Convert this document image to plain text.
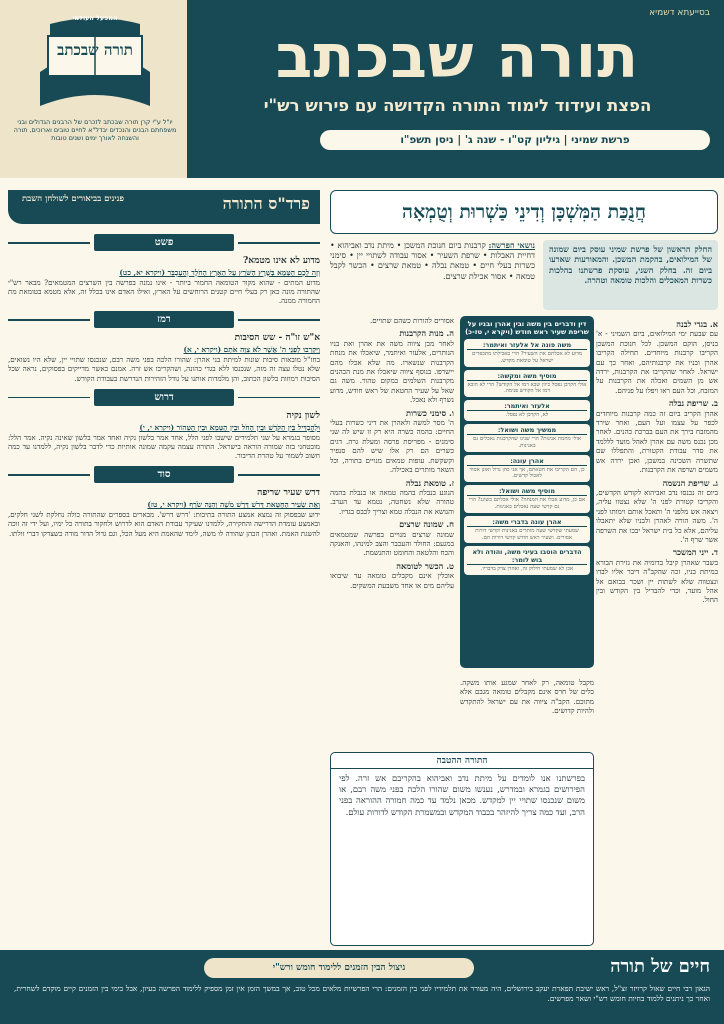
המפעל העולמי
תורה שבכתב
יו"ל ע"י קרן תורה שבכתב לזכרם של הרבנים הגדולים ובני משפחתם הבנים והנכדים יבדל"א לחיים טובים וארוכים, תורה והשגחה לאורך ימים ושנים טובות
בסייעתא דשמיא
תורה שבכתב
הפצת ועידוד לימוד התורה הקדושה עם פירוש רש"י
פרשת שמיני | גיליון קט"ו - שנה ג' | ניסן תשפ"ו
חֲנֻכַּת הַמִּשְׁכָּן וְדִינֵי כַּשְׁרוּת וְטֻמְאָה
החלק הראשון של פרשת שמיני עוסק ביום שמונה של המילואים, בהקמת המשכן. והמאורעות שארעו ביום זה. בחלק השני, עוסקת פרשתנו בהלכות כשרות המאכלים והלכות טומאה וטהרה.
נושאי הפרשה: קרבנות ביום חנוכת המשכן • מיתת נדב ואביהוא • דחיית האבלות • שרפת השעיר • אסור עבודה לשתויי יין • סימני כשרות בעלי חיים • טמאת נבלה • טמאת שרצים • הכשר לקבל טמאה • אסור אכילת שרצים.
א. בגדי לבנה
עם שבעת ימי המילואים, ביום השמיני - א' בניסן, הוקם המשכן. לכל חנוכת המשכן הקריבו קרבנות מיוחדים. תחילה הקריבו אהרן ובניו את קרבנותיהם, ואחר כך עם ישראל. לאחר שהקריבו את הקרבנות, ירדה אש מן השמים ואכלה את הקרבנות על המזבח, וכל העם ראו ויפלו על פניהם.
ב. שריפת נבלה
אהרן הקריב ביום זה כמה קרבנות מיוחדים לכפר על עצמו ועל העם, ואחר שירד מהמזבח בירך את העם בברכת כהנים. לאחר מכן נכנס משה עם אהרן לאהל מועד לללמד את סדר עבודת הקטורת, והתפללו שם שתשרה השכינה במשכן, ואכן ירדה אש משמים ושרפה את הקרבנות.
ג. שריפת הנשמה
ביום זה נכנסו נדב ואביהוא לקודש הקדשים, והקריבו קטורת לפני ה' שלא נצטוו עליה, ויצאה אש מלפני ה' ותאכל אותם וימותו לפני ה'. משה הורה לאהרן ולבניו שלא יתאבלו עליהם, אלא כל בית ישראל יבכו את השרפה אשר שרף ה'.
ד. ייני המשכר
בשבר שאהרן קיבל בדומיה את גזירת הבורא במיתת בניו, זכה שהקב"ה דיבר אליו לבדו ונצטווה שלא לשתות יין ושכר בבואם אל אהל מועד, וכדי להבדיל בין הקודש ובין החול.
דין ודברים בין משה ובין אהרן ובניו על שריפת שעיר ראש חודש (ויקרא י, טז-כ)
משה פונה אל אלעזר ואיתמר:
מדוע לא אכלתם את השעיר? הרי באכילתו מתכפרים ישראל על טומאת מקדש.
מוסיף משה ומקשה:
אולי הקרבן נפסל כיוון שבא דמו אל הקודש? הרי לא הובא דמו אל הקודש פנימה.
אלעזר ואיתמר:
לא, הקרבן לא נפסל.
ממשיך משה ושואל:
אולי מחמת אנינות? הרי שנינו שהקרבנות נאכלים גם באנינות.
אהרן עונה:
כן, הם הקריבו את חטאתם, אך אני כהן גדול ואונן אסור לאכול קדשים.
מוסיף משה ושואל:
אם כן, מדוע אכלו את המנחה? אולי אכלתם בשוגג? הרי גם קדשי שעה נאכלים באנינות.
אהרן עונה בדברי משה:
שמעתי שקדשי שעה מותרים באנינות וקדשי דורות אסורים. ושעיר ראש חודש קדשי דורות הם.
הדברים הוטבו בעיני משה, והודה ולא בוש לומר:
אכן לא שמעתי חילוק זה, ואהרן צדק בדבריו.
אסורים להורות כשהם שתויים.
ה. מנות הקרבנות
לאחר מכן ציווה משה את אהרן ואת בניו הנותרים, אלעזר ואיתמר, שיאכלו את מנחת הקרבנות שנשארו. מה שלא אכלו מהם יישרפו. בנוסף ציווה שיאכלו את מנת הכהנים מקרבנות השלמים במקום טהור. משה גם שאל על שעיר החטאת של ראש חודש, מדוע נשרף ולא נאכל.
ו. סימני כשרות
ה' מסר למשה ולאהרן את דיני כשרות בעלי החיים: בהמה כשרה היא רק זו שיש לה שני סימנים - מפריסת פרסה ומעלת גרה. דגים כשרים הם רק אלו שיש להם סנפיר וקשקשת. עופות טמאים מנויים בתורה, וכל השאר מותרים באכילה.
ז. טומאת נבלה
הנוגע בנבלת בהמה טמאה או בנבלת בהמה טהורה שלא נשחטה, נטמא עד הערב. והנושא את הנבלה טמא וצריך לכבס בגדיו.
ח. שמונה שרצים
שמונה שרצים מנויים בפרשה שמטמאים במגעם: החולד והעכבר והצב למינהו, והאנקה והכח והלטאה והחומט והתנשמת.
ט. הכשר לטומאה
אוכלין אינם מקבלים טומאה עד שיבואו עליהם מים או אחד משבעת המשקים.
מקבל טומאה, רק לאחר שמגע אותו משקה. כלים של חרס אינם מקבלים טומאה מגבם אלא מתוכם. הקב"ה ציווה את עם ישראל להתקדש ולהיות קדושים.
התורה ההטבה
בפרשתנו אנו לומדים על מיתת נדב ואביהוא בהקריבם אש זרה. לפי הפירושים בגמרא ובמדרש, נענשו משום שהורו הלכה בפני משה רבם, או משום שנכנסו שתויי יין למקדש. מכאן נלמד עד כמה חמורה ההוראה בפני הרב, ועד כמה צריך להיזהר בכבוד המקדש ובמשמרת הקודש לדורות עולם.
פרד"ס התורה
פנינים בביאורים לשולחן השבת
פשט
מדוע לא אינו מטמא?
וְזֶה לָכֶם הַטָּמֵא בַּשֶּׁרֶץ הַשֹּׁרֵץ עַל הָאָרֶץ הַחֹלֶד וְהָעַכְבָּר (ויקרא יא, כט)
מדוע המתים - שהוא מקור הטומאה החמור ביותר - אינו נמנה בפרשה בין השרצים המטמאים? מבאר רש"י שהתורה מונה כאן רק בעלי חיים קטנים הרוחשים על הארץ, ואילו האדם אינו בכלל זה, אלא מטמא בטומאת מת החמורה ממנה.
רמז
א"ש זו"ה - שש הסיבות
וַיִּקְרְבוּ לִפְנֵי ה' אֲשֶׁר לֹא צִוָּה אֹתָם (ויקרא י, א)
בחז"ל מובאות סיבות שונות למיתת בני אהרן: שהורו הלכה בפני משה רבם, שנכנסו שתויי יין, שלא היו נשואים, שלא נטלו עצה זה מזה, שנכנסו ללא בגדי כהונה, ושהקריבו אש זרה. אמנם כאשר מדייקים בפסוקים, נראה שכל הסיבות רמוזות בלשון הכתוב, והן מלמדות אותנו על גודל הזהירות הנדרשת בעבודת הקודש.
דרוש
לשון נקיה
וּלְהַבְדִּיל בֵּין הַקֹּדֶשׁ וּבֵין הַחֹל וּבֵין הַטָּמֵא וּבֵין הַטָּהוֹר (ויקרא י, י)
מסופר בגמרא על שני תלמידים שישבו לפני הלל, אחד אמר בלשון נקיה ואחד אמר בלשון שאינה נקיה. אמר הלל: מובטחני בזה שמורה הוראה בישראל. התורה עצמה עקמה שמונה אותיות כדי לדבר בלשון נקיה, ללמדנו עד כמה חשוב לשמור על טהרת הדיבור.
סוד
דרש שעיר שריפה
וְאֵת שְׂעִיר הַחַטָּאת דָּרֹשׁ דָּרַשׁ מֹשֶׁה וְהִנֵּה שֹׂרָף (ויקרא י, טז)
ידוע שבפסוק זה נמצא אמצע התורה בתיבות: 'דרש דרש'. מבארים בספרים שהתורה כולה נחלקת לשני חלקים, ובאמצע עומדת הדרישה והחקירה, ללמדנו שעיקר עבודת האדם הוא לדרוש ולחקור בתורה כל ימיו, ועל ידי זה זוכה להשגת האמת. ואהרן הכהן שהודה לו משה, לימד שהאמת היא מעל הכל, וגם גדול הדור מודה כשצדקו דברי זולתו.
חיים של תורה
ניצול הבין הזמנים ללימוד חומש ורש"י
הגאון רבי חיים שאול קרויזר זצ"ל, ראש ישיבת תפארת יעקב בירושלים, היה מעורר את תלמידיו לפני בין הזמנים: הרי הפרשיות מלאים מכל טוב, אך במשך הזמן אין זמן מספיק ללימוד הפרשה בעיון, אבל בימי בין הזמנים קיים מוקדם לשחרית, ואחר כך ניתנים ללמוד בחיות חומש רש"י ושאר מפרשים.
